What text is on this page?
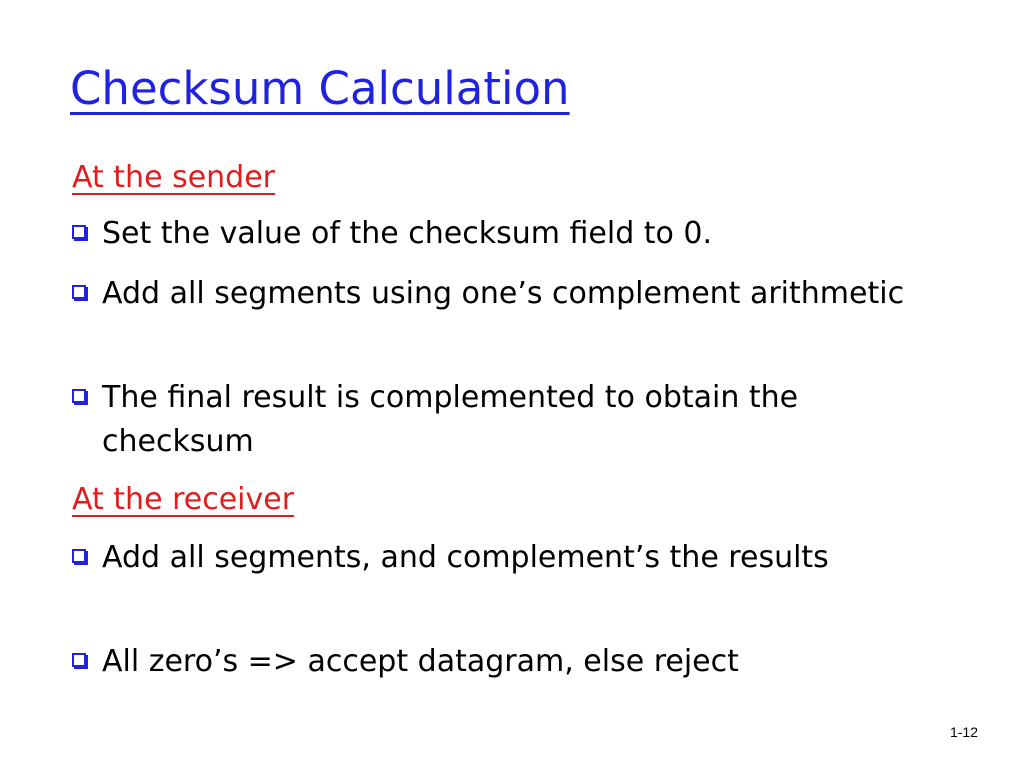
Checksum Calculation
At the sender
Set the value of the checksum field to 0.
Add all segments using one’s complement arithmetic
The final result is complemented to obtain the checksum
At the receiver
Add all segments, and complement’s the results
All zero’s => accept datagram, else reject
1-12
